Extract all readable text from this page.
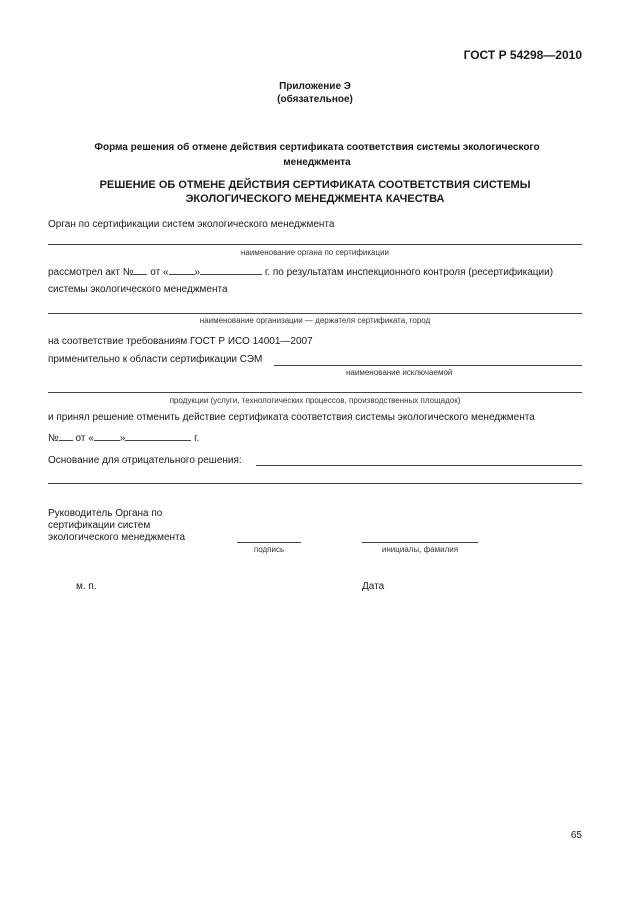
ГОСТ Р 54298—2010
Приложение Э
(обязательное)
Форма решения об отмене действия сертификата соответствия системы экологического менеджмента
РЕШЕНИЕ ОБ ОТМЕНЕ ДЕЙСТВИЯ СЕРТИФИКАТА СООТВЕТСТВИЯ СИСТЕМЫ
ЭКОЛОГИЧЕСКОГО МЕНЕДЖМЕНТА КАЧЕСТВА
Орган по сертификации систем экологического менеджмента
наименование органа по сертификации
рассмотрел акт № от «	»	г. по результатам инспекционного контроля (ресертификации)
системы экологического менеджмента
наименование организации — держателя сертификата, город
на соответствие требованиям ГОСТ Р ИСО 14001—2007
применительно к области сертификации СЭМ
наименование исключаемой
продукции (услуги, технологических процессов, производственных площадок)
и принял решение отменить действие сертификата соответствия системы экологического менеджмента
№ от «	»	г.
Основание для отрицательного решения:
Руководитель Органа по
сертификации систем
экологического менеджмента
подпись	инициалы, фамилия
м. п.	Дата
65
